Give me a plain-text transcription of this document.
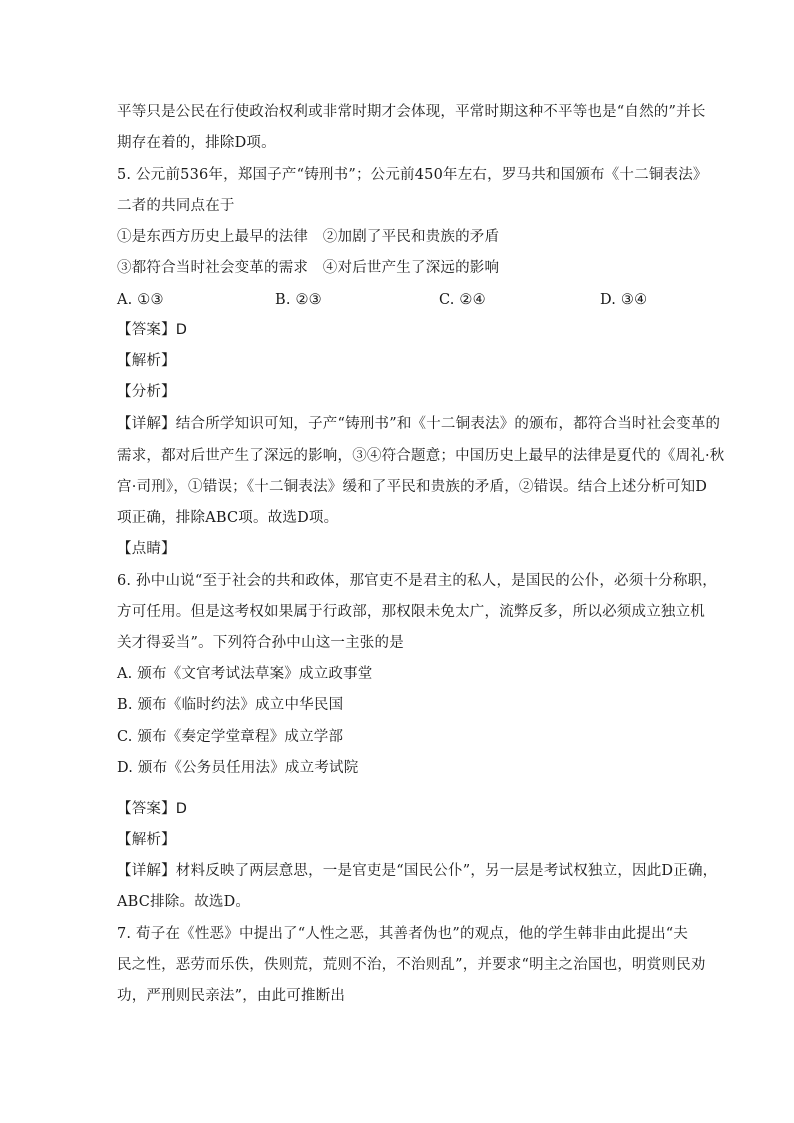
平等只是公民在行使政治权利或非常时期才会体现，平常时期这种不平等也是“自然的”并长
期存在着的，排除D项。
5. 公元前536年，郑国子产“铸刑书”；公元前450年左右，罗马共和国颁布《十二铜表法》
二者的共同点在于
①是东西方历史上最早的法律　②加剧了平民和贵族的矛盾
③都符合当时社会变革的需求　④对后世产生了深远的影响
A. ①③	B. ②③	C. ②④	D. ③④
【答案】D
【解析】
【分析】
【详解】结合所学知识可知，子产“铸刑书”和《十二铜表法》的颁布，都符合当时社会变革的
需求，都对后世产生了深远的影响，③④符合题意；中国历史上最早的法律是夏代的《周礼·秋
宫·司刑》，①错误；《十二铜表法》缓和了平民和贵族的矛盾，②错误。结合上述分析可知D
项正确，排除ABC项。故选D项。
【点睛】
6. 孙中山说“至于社会的共和政体，那官吏不是君主的私人，是国民的公仆，必须十分称职，
方可任用。但是这考权如果属于行政部，那权限未免太广，流弊反多，所以必须成立独立机
关才得妥当”。下列符合孙中山这一主张的是
A. 颁布《文官考试法草案》成立政事堂
B. 颁布《临时约法》成立中华民国
C. 颁布《奏定学堂章程》成立学部
D. 颁布《公务员任用法》成立考试院
【答案】D
【解析】
【详解】材料反映了两层意思，一是官吏是“国民公仆”，另一层是考试权独立，因此D正确，
ABC排除。故选D。
7. 荀子在《性恶》中提出了“人性之恶，其善者伪也”的观点，他的学生韩非由此提出“夫
民之性，恶劳而乐佚，佚则荒，荒则不治，不治则乱”，并要求“明主之治国也，明赏则民劝
功，严刑则民亲法”，由此可推断出
